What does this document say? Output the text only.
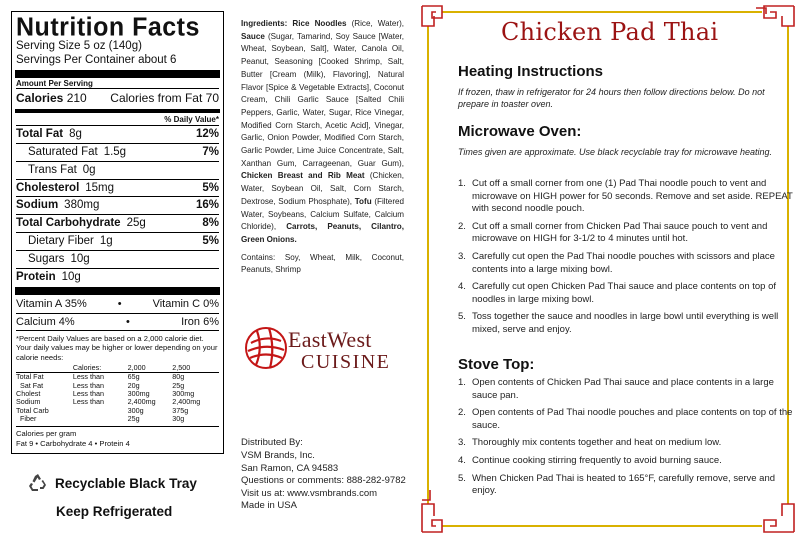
Nutrition Facts
Serving Size 5 oz (140g)
Servings Per Container about 6
Amount Per Serving
Calories 210 Calories from Fat 70
% Daily Value*
Total Fat 8g	12%
Saturated Fat 1.5g	7%
Trans Fat 0g
Cholesterol 15mg	5%
Sodium 380mg	16%
Total Carbohydrate 25g	8%
Dietary Fiber 1g	5%
Sugars 10g
Protein 10g
Vitamin A 35%	•	Vitamin C 0%
Calcium 4%	•	Iron 6%
*Percent Daily Values are based on a 2,000 calorie diet. Your daily values may be higher or lower depending on your calorie needs:
	Calories:	2,000	2,500
Total Fat	Less than	65g	80g
Sat Fat	Less than	20g	25g
Cholest	Less than	300mg	300mg
Sodium	Less than	2,400mg	2,400mg
Total Carb		300g	375g
Fiber		25g	30g
Calories per gram
Fat 9 • Carbohydrate 4 • Protein 4
Ingredients: Rice Noodles (Rice, Water), Sauce (Sugar, Tamarind, Soy Sauce [Water, Wheat, Soybean, Salt], Water, Canola Oil, Peanut, Seasoning [Cooked Shrimp, Salt, Butter [Cream (Milk), Flavoring], Natural Flavor [Spice & Vegetable Extracts], Coconut Cream, Chili Garlic Sauce [Salted Chili Peppers, Garlic, Water, Sugar, Rice Vinegar, Modified Corn Starch, Acetic Acid], Vinegar, Garlic, Onion Powder, Modified Corn Starch, Garlic Powder, Lime Juice Concentrate, Salt, Xanthan Gum, Carrageenan, Guar Gum), Chicken Breast and Rib Meat (Chicken, Water, Soybean Oil, Salt, Corn Starch, Dextrose, Sodium Phosphate), Tofu (Filtered Water, Soybeans, Calcium Sulfate, Calcium Chloride), Carrots, Peanuts, Cilantro, Green Onions.
Contains: Soy, Wheat, Milk, Coconut, Peanuts, Shrimp
EastWest
CUISINE
Distributed By:
VSM Brands, Inc.
San Ramon, CA 94583
Questions or comments: 888-282-9782
Visit us at: www.vsmbrands.com
Made in USA
Recyclable Black Tray
Keep Refrigerated
Chicken Pad Thai
Heating Instructions
If frozen, thaw in refrigerator for 24 hours then follow directions below. Do not prepare in toaster oven.
Microwave Oven:
Times given are approximate. Use black recyclable tray for microwave heating.
1. Cut off a small corner from one (1) Pad Thai noodle pouch to vent and microwave on HIGH power for 50 seconds. Remove and set aside. REPEAT with second noodle pouch.
2. Cut off a small corner from Chicken Pad Thai sauce pouch to vent and microwave on HIGH for 3-1/2 to 4 minutes until hot.
3. Carefully cut open the Pad Thai noodle pouches with scissors and place contents into a large mixing bowl.
4. Carefully cut open Chicken Pad Thai sauce and place contents on top of noodles in large mixing bowl.
5. Toss together the sauce and noodles in large bowl until everything is well mixed, serve and enjoy.
Stove Top:
1. Open contents of Chicken Pad Thai sauce and place contents in a large sauce pan.
2. Open contents of Pad Thai noodle pouches and place contents on top of the sauce.
3. Thoroughly mix contents together and heat on medium low.
4. Continue cooking stirring frequently to avoid burning sauce.
5. When Chicken Pad Thai is heated to 165°F, carefully remove, serve and enjoy.
